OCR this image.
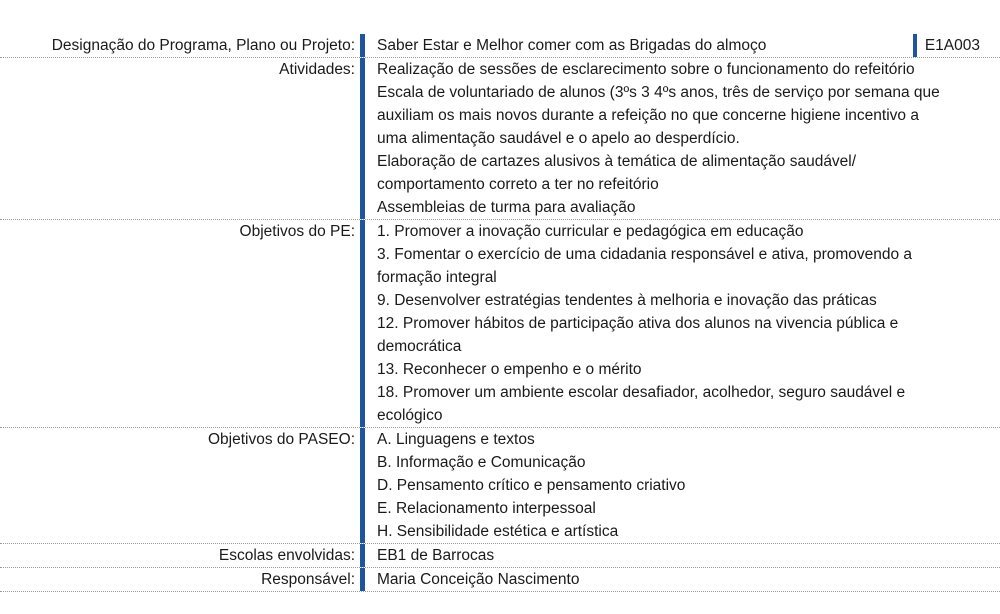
Designação do Programa, Plano ou Projeto:	Saber Estar e Melhor comer com as Brigadas do almoço	E1A003
Atividades:	Realização de sessões de esclarecimento sobre o funcionamento do refeitório
Escala de voluntariado de alunos (3ºs 3 4ºs anos, três de serviço por semana que
auxiliam os mais novos durante a refeição no que concerne higiene incentivo a
uma alimentação saudável e o apelo ao desperdício.
Elaboração de cartazes alusivos à temática de alimentação saudável/
comportamento correto a ter no refeitório
Assembleias de turma para avaliação
Objetivos do PE:	1. Promover a inovação curricular e pedagógica em educação
3. Fomentar o exercício de uma cidadania responsável e ativa, promovendo a
formação integral
9. Desenvolver estratégias tendentes à melhoria e inovação das práticas
12. Promover hábitos de participação ativa dos alunos na vivencia pública e
democrática
13. Reconhecer o empenho e o mérito
18. Promover um ambiente escolar desafiador, acolhedor, seguro saudável e
ecológico
Objetivos do PASEO:	A. Linguagens e textos
B. Informação e Comunicação
D. Pensamento crítico e pensamento criativo
E. Relacionamento interpessoal
H. Sensibilidade estética e artística
Escolas envolvidas:	EB1 de Barrocas
Responsável:	Maria Conceição Nascimento
